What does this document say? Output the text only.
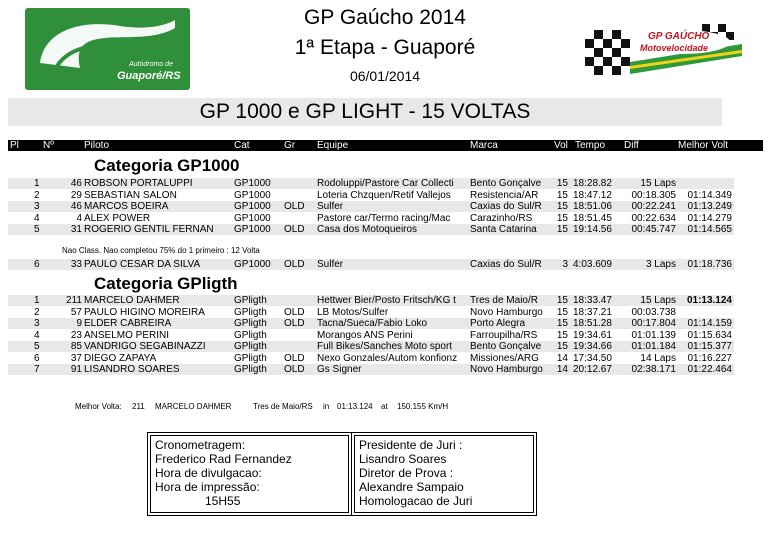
Autódromo de
Guaporé/RS
GP Gaúcho 2014
1ª Etapa - Guaporé
06/01/2014
GP GAÚCHO
Motovelocidade
GP 1000 e GP LIGHT - 15 VOLTAS
Pl Nº	Piloto	Cat	Gr Equipe	Marca	Vol Tempo Diff	Melhor Volt
Categoria GP1000
Categoria GPligth
1	46 ROBSON PORTALUPPI	GP1000	Rodoluppi/Pastore Car Collecti	Bento Gonçalve	15 18:28.82	15 Laps
2	29 SEBASTIAN SALON	GP1000	Loteria Chzquen/Retif Vallejos	Resistencia/AR	15 18:47.12	00:18.305	01:14.349
3	46 MARCOS BOEIRA	GP1000	OLD	Sulfer	Caxias do Sul/R	15 18:51.06	00:22.241	01:13.249
4	4 ALEX POWER	GP1000	Pastore car/Termo racing/Mac	Carazinho/RS	15 18:51.45	00:22.634	01:14.279
5	31 ROGERIO GENTIL FERNAN	GP1000	OLD	Casa dos Motoqueiros	Santa Catarina	15 19:14.56	00:45.747	01:14.565
Nao Class. Nao completou 75% do 1 primeiro : 12 Volta
6	33 PAULO CESAR DA SILVA	GP1000	OLD	Sulfer	Caxias do Sul/R	3 4:03.609	3 Laps	01:18.736
1	211 MARCELO DAHMER	GPligth	Hettwer Bier/Posto Fritsch/KG t	Tres de Maio/R	15 18:33.47	15 Laps	01:13.124
2	57 PAULO HIGINO MOREIRA	GPligth	OLD	LB Motos/Sulfer	Novo Hamburgo	15 18:37.21	00:03.738
3	9 ELDER CABREIRA	GPligth	OLD	Tacna/Sueca/Fabio Loko	Porto Alegra	15 18:51.28	00:17.804	01:14.159
4	23 ANSELMO PERINI	GPligth	Morangos ANS Perini	Farroupilha/RS	15 19:34.61	01:01.139	01:15.634
5	85 VANDRIGO SEGABINAZZI	GPligth	Full Bikes/Sanches Moto sport	Bento Gonçalve	15 19:34.66	01:01.184	01:15.377
6	37 DIEGO ZAPAYA	GPligth	OLD	Nexo Gonzales/Autom konfionz	Missiones/ARG	14 17:34.50	14 Laps	01:16.227
7	91 LISANDRO SOARES	GPligth	OLD	Gs Signer	Novo Hamburgo	14 20:12.67	02:38.171	01:22.464
Melhor Volta: 211 MARCELO DAHMER	Tres de Maio/RS in 01:13.124 at 150.155 Km/H
Cronometragem:
Frederico Rad Fernandez
Hora de divulgacao:
Hora de impressão:
15H55
Presidente de Juri :
Lisandro Soares
Diretor de Prova :
Alexandre Sampaio
Homologacao de Juri
